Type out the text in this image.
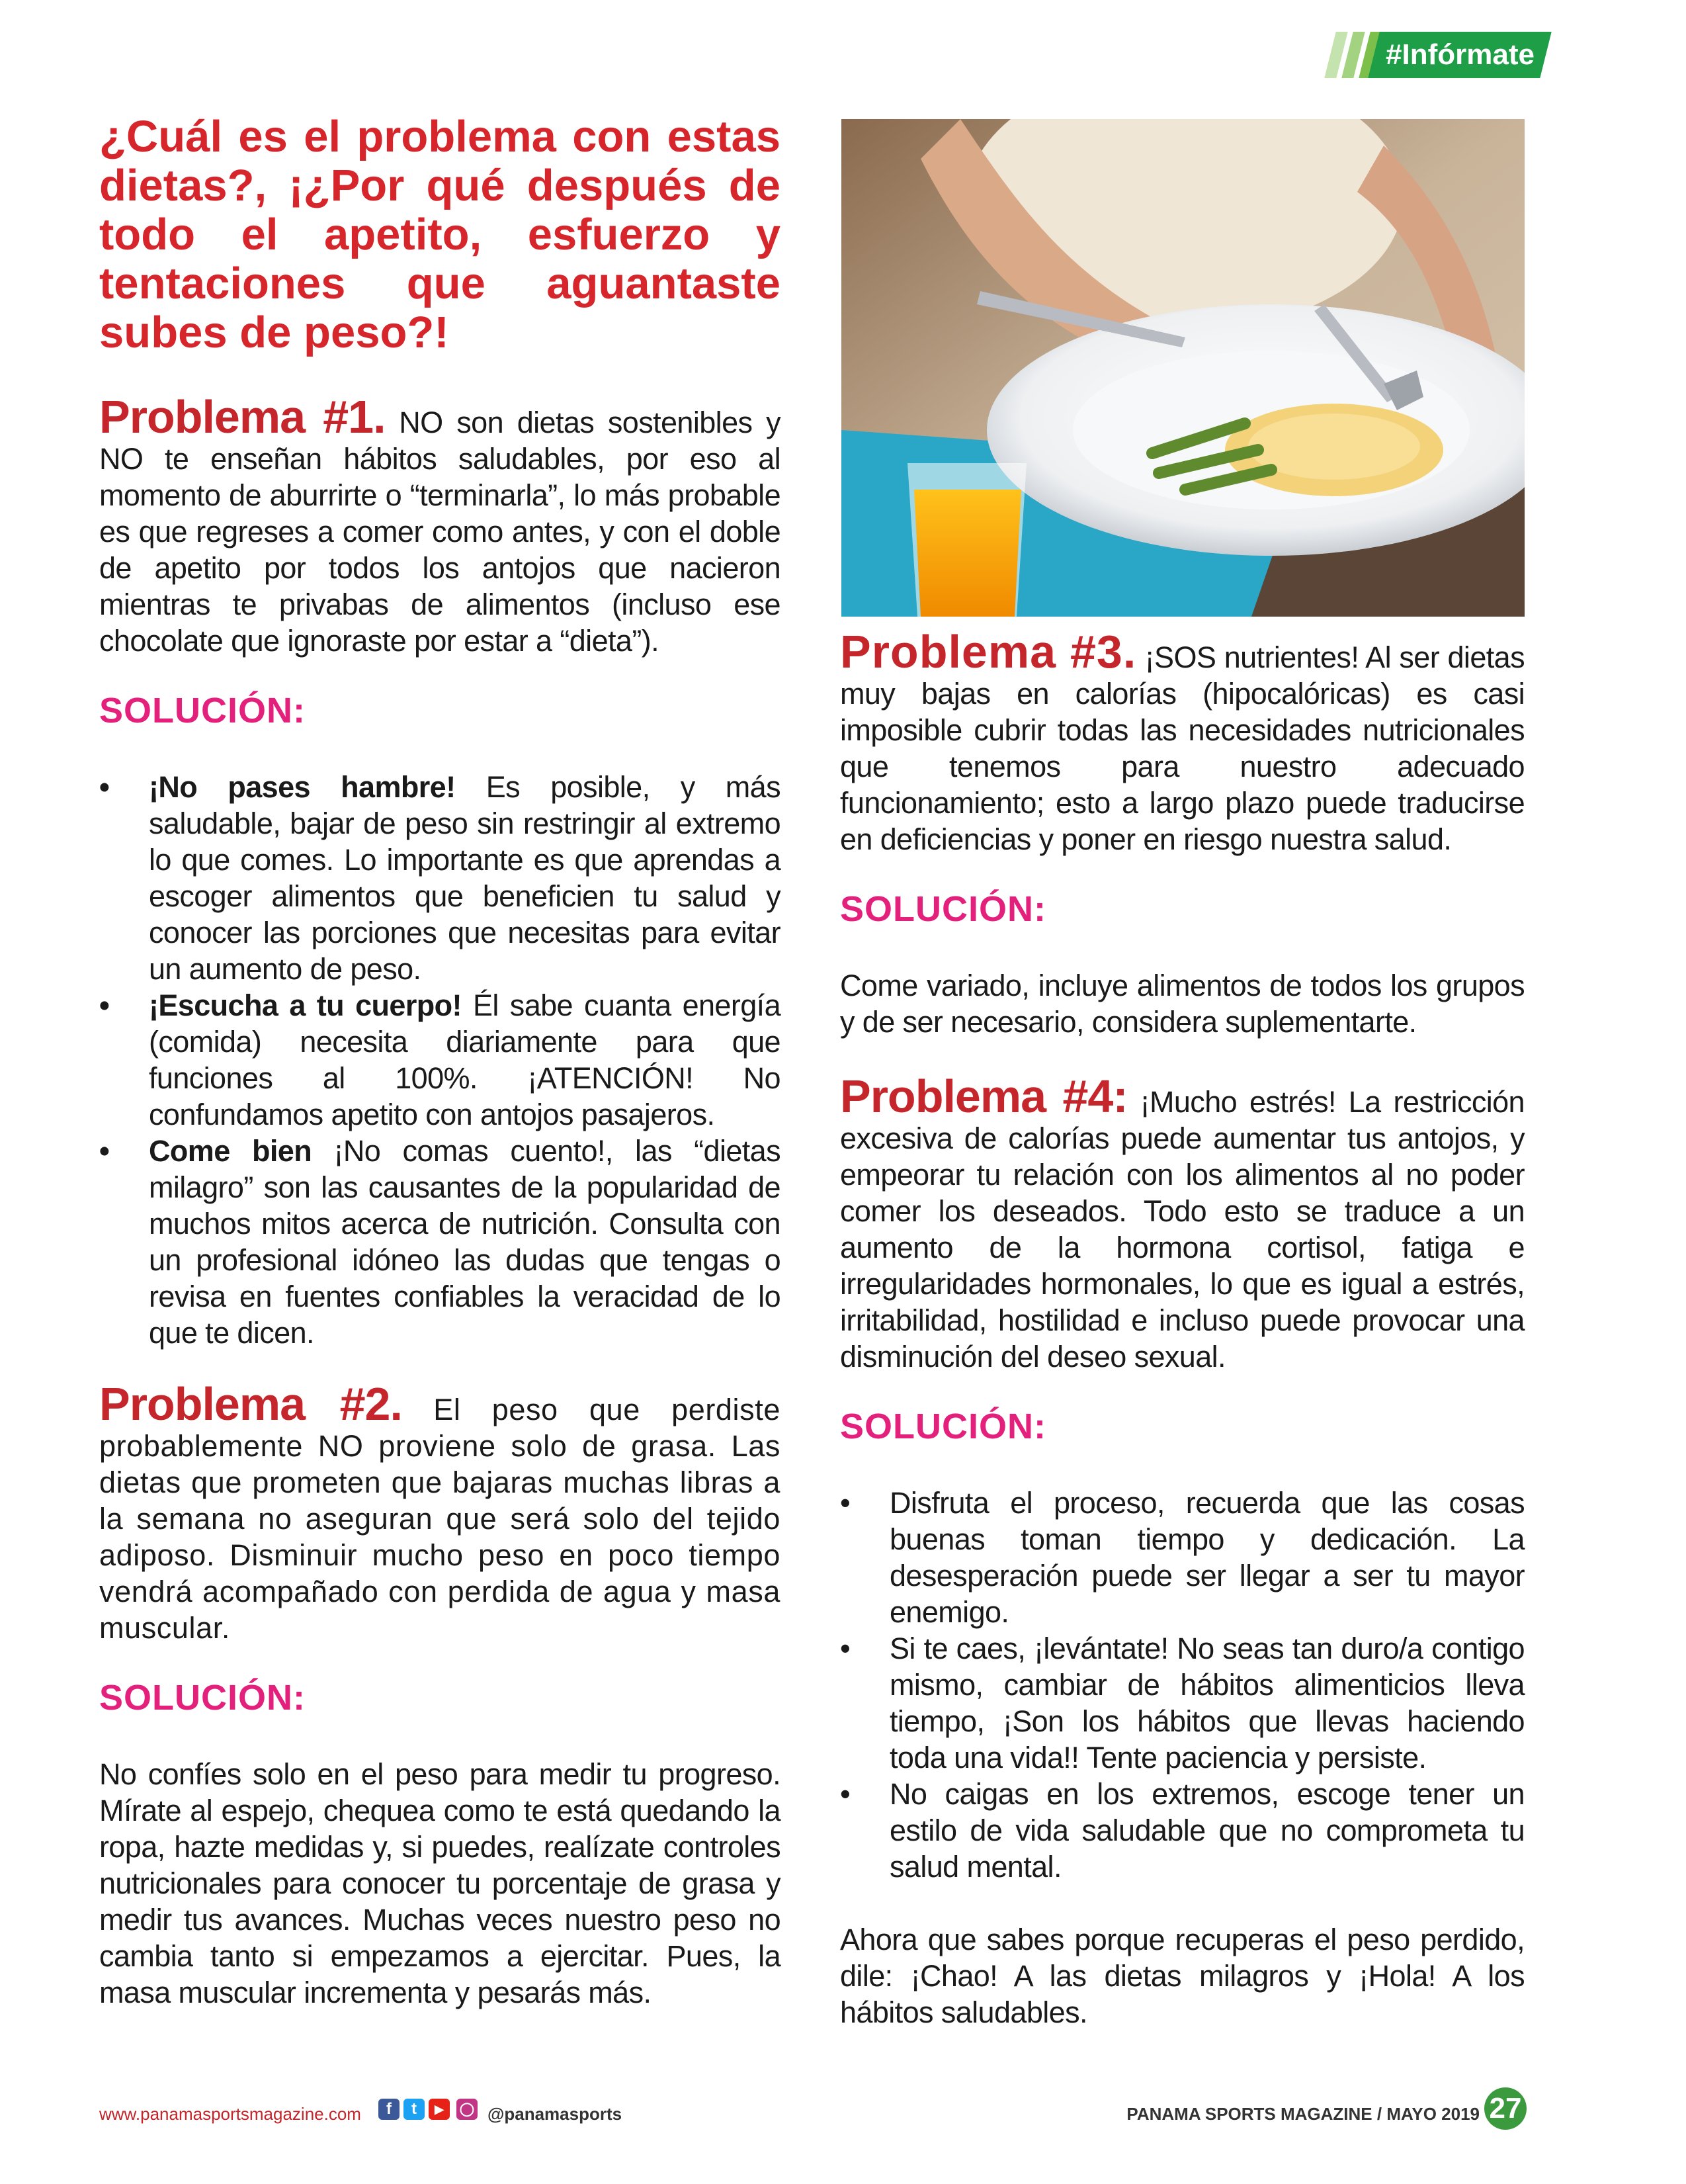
#Infórmate
¿Cuál es el problema con estas dietas?, ¡¿Por qué después de todo el apetito, esfuerzo y tentaciones que aguantaste subes de peso?!

Problema #1. NO son dietas sostenibles y NO te enseñan hábitos saludables, por eso al momento de aburrirte o “terminarla”, lo más probable es que regreses a comer como antes, y con el doble de apetito por todos los antojos que nacieron mientras te privabas de alimentos (incluso ese chocolate que ignoraste por estar a “dieta”).

SOLUCIÓN:
• ¡No pases hambre! Es posible, y más saludable, bajar de peso sin restringir al extremo lo que comes. Lo importante es que aprendas a escoger alimentos que beneficien tu salud y conocer las porciones que necesitas para evitar un aumento de peso.
• ¡Escucha a tu cuerpo! Él sabe cuanta energía (comida) necesita diariamente para que funciones al 100%. ¡ATENCIÓN! No confundamos apetito con antojos pasajeros.
• Come bien ¡No comas cuento!, las “dietas milagro” son las causantes de la popularidad de muchos mitos acerca de nutrición. Consulta con un profesional idóneo las dudas que tengas o revisa en fuentes confiables la veracidad de lo que te dicen.

Problema #2. El peso que perdiste probablemente NO proviene solo de grasa. Las dietas que prometen que bajaras muchas libras a la semana no aseguran que será solo del tejido adiposo. Disminuir mucho peso en poco tiempo vendrá acompañado con perdida de agua y masa muscular.

SOLUCIÓN:

No confíes solo en el peso para medir tu progreso. Mírate al espejo, chequea como te está quedando la ropa, hazte medidas y, si puedes, realízate controles nutricionales para conocer tu porcentaje de grasa y medir tus avances. Muchas veces nuestro peso no cambia tanto si empezamos a ejercitar. Pues, la masa muscular incrementa y pesarás más.

Problema #3. ¡SOS nutrientes! Al ser dietas muy bajas en calorías (hipocalóricas) es casi imposible cubrir todas las necesidades nutricionales que tenemos para nuestro adecuado funcionamiento; esto a largo plazo puede traducirse en deficiencias y poner en riesgo nuestra salud.

SOLUCIÓN:

Come variado, incluye alimentos de todos los grupos y de ser necesario, considera suplementarte.

Problema #4: ¡Mucho estrés! La restricción excesiva de calorías puede aumentar tus antojos, y empeorar tu relación con los alimentos al no poder comer los deseados. Todo esto se traduce a un aumento de la hormona cortisol, fatiga e irregularidades hormonales, lo que es igual a estrés, irritabilidad, hostilidad e incluso puede provocar una disminución del deseo sexual.

SOLUCIÓN:
• Disfruta el proceso, recuerda que las cosas buenas toman tiempo y dedicación. La desesperación puede ser llegar a ser tu mayor enemigo.
• Si te caes, ¡levántate! No seas tan duro/a contigo mismo, cambiar de hábitos alimenticios lleva tiempo, ¡Son los hábitos que llevas haciendo toda una vida!! Tente paciencia y persiste.
• No caigas en los extremos, escoge tener un estilo de vida saludable que no comprometa tu salud mental.

Ahora que sabes porque recuperas el peso perdido, dile: ¡Chao! A las dietas milagros y ¡Hola! A los hábitos saludables.

www.panamasportsmagazine.com	f	t	▶	◯ @panamasports	PANAMA SPORTS MAGAZINE / MAYO 2019 27
